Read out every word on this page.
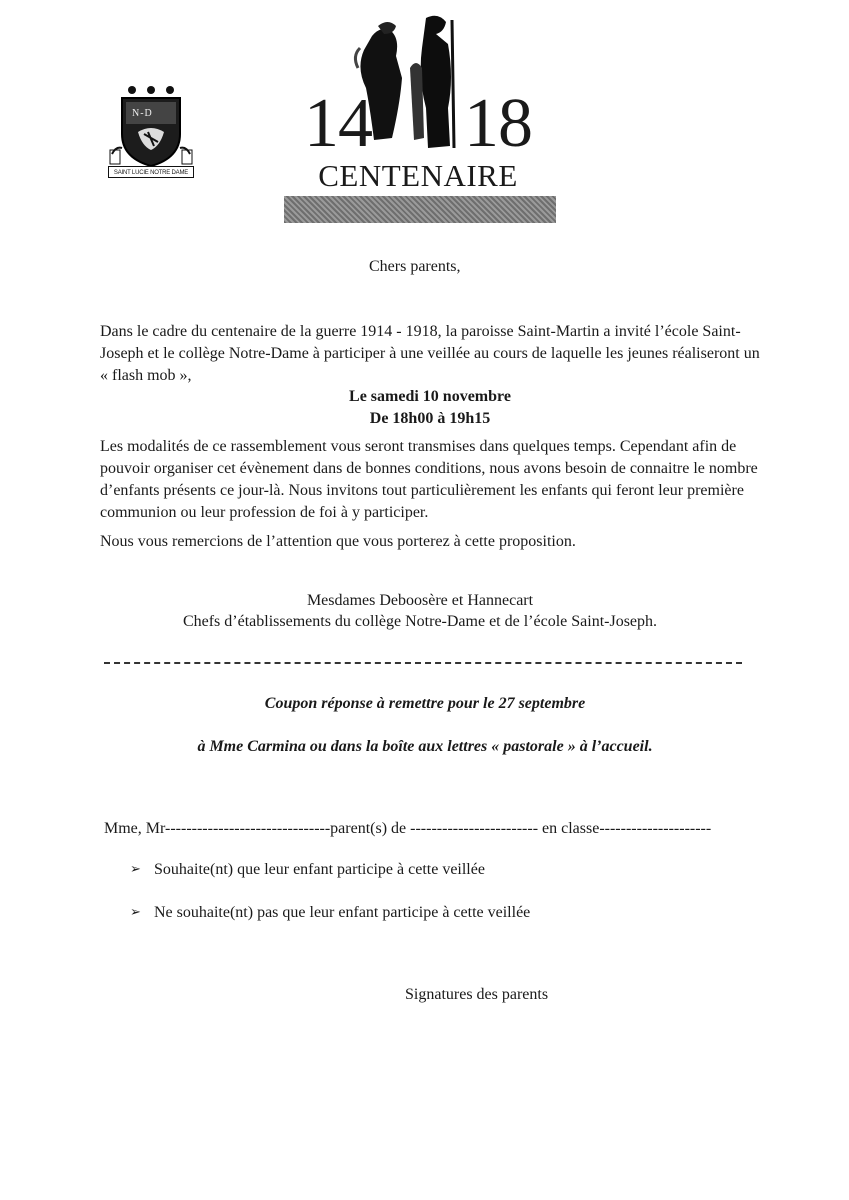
N-D
SAINT LUCIE NOTRE DAME
14 18
CENTENAIRE
Chers parents,
Dans le cadre du centenaire de la guerre 1914 - 1918, la paroisse Saint-Martin a invité l’école Saint-Joseph et le collège Notre-Dame à participer à une veillée au cours de laquelle les jeunes réaliseront un « flash mob »,
Le samedi 10 novembre
De 18h00 à 19h15
Les modalités de ce rassemblement vous seront transmises dans quelques temps. Cependant afin de pouvoir organiser cet évènement dans de bonnes conditions, nous avons besoin de connaitre le nombre d’enfants présents ce jour-là. Nous invitons tout particulièrement les enfants qui feront leur première communion ou leur profession de foi à y participer.
Nous vous remercions de l’attention que vous porterez à cette proposition.
Mesdames Deboosère et Hannecart
Chefs d’établissements du collège Notre-Dame et de l’école Saint-Joseph.
Coupon réponse à remettre pour le 27 septembre
à Mme Carmina ou dans la boîte aux lettres « pastorale » à l’accueil.
Mme, Mr-------------------------------parent(s) de ------------------------ en classe---------------------
➢ Souhaite(nt) que leur enfant participe à cette veillée
➢ Ne souhaite(nt) pas que leur enfant participe à cette veillée
Signatures des parents
